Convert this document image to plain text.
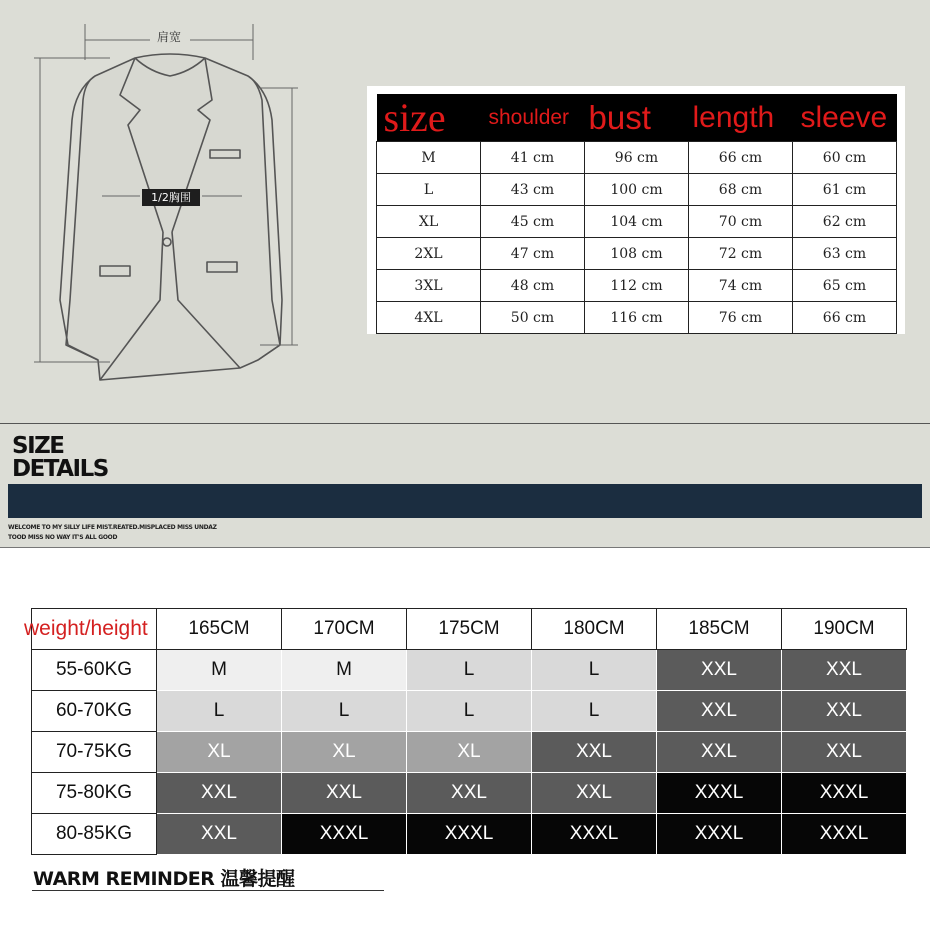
肩宽
1/2胸围
size	shoulder	bust	length	sleeve
M	41 cm	96 cm	66 cm	60 cm
L	43 cm	100 cm	68 cm	61 cm
XL	45 cm	104 cm	70 cm	62 cm
2XL	47 cm	108 cm	72 cm	63 cm
3XL	48 cm	112 cm	74 cm	65 cm
4XL	50 cm	116 cm	76 cm	66 cm
SIZE
DETAILS
WELCOME TO MY SILLY LIFE MIST.REATED.MISPLACED MISS UNDAZ
TOOD MISS NO WAY IT'S ALL GOOD
weight/height	165CM	170CM	175CM	180CM	185CM	190CM
55-60KG	M	M	L	L	XXL	XXL
60-70KG	L	L	L	L	XXL	XXL
70-75KG	XL	XL	XL	XXL	XXL	XXL
75-80KG	XXL	XXL	XXL	XXL	XXXL	XXXL
80-85KG	XXL	XXXL	XXXL	XXXL	XXXL	XXXL
WARM REMINDER 温馨提醒
